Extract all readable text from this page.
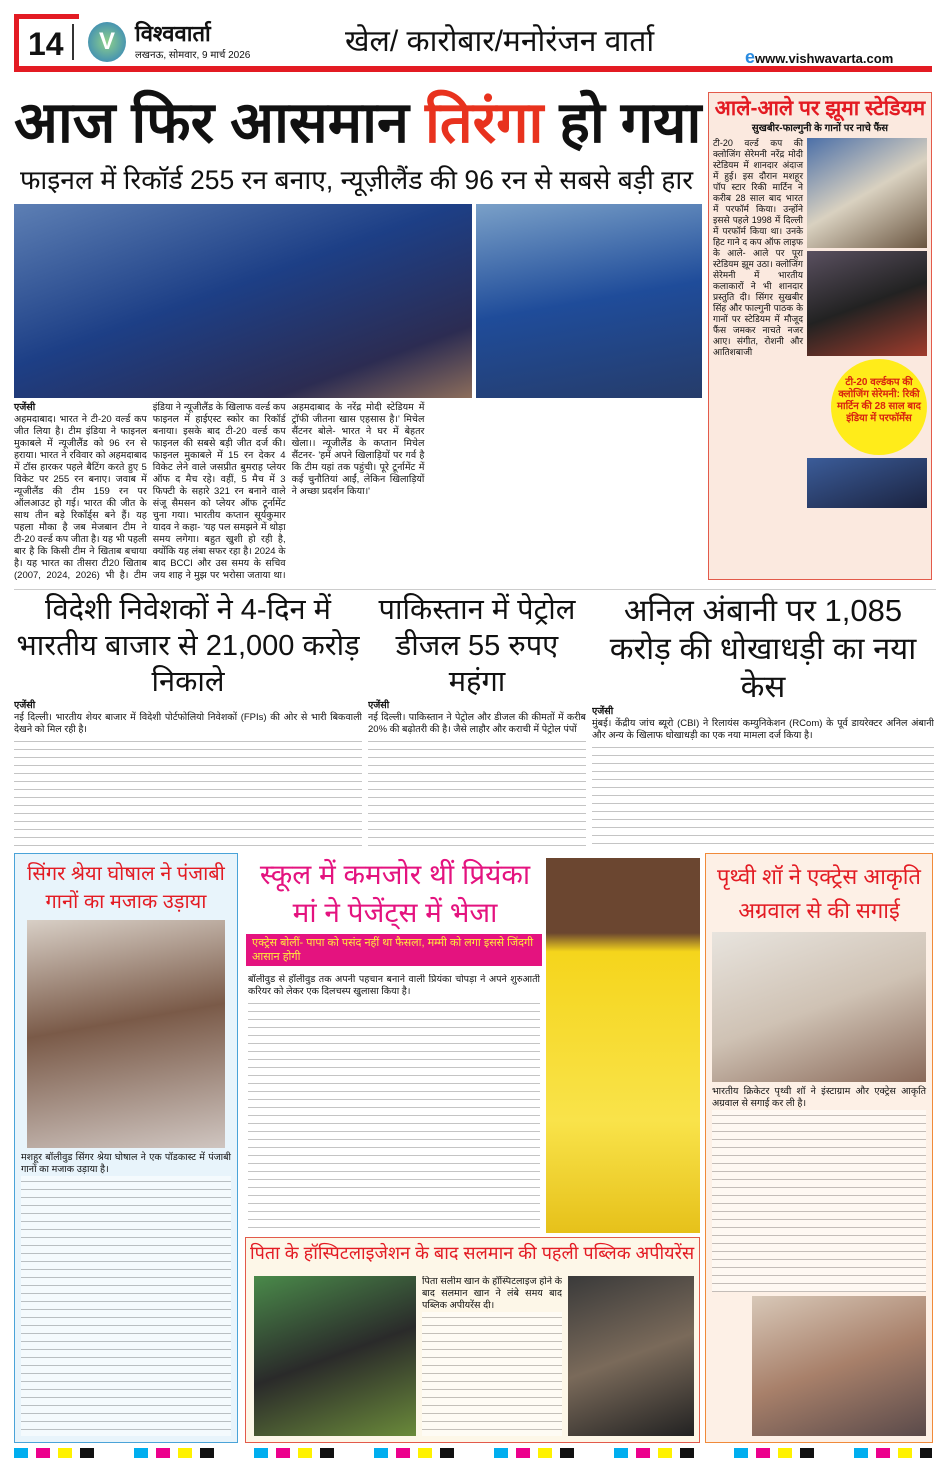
14	V विश्ववार्ता
लखनऊ, सोमवार, 9 मार्च 2026	खेल/ कारोबार/मनोरंजन वार्ता	ewww.vishwavarta.com
आज फिर आसमान तिरंगा हो गया
फाइनल में रिकॉर्ड 255 रन बनाए, न्यूज़ीलैंड की 96 रन से सबसे बड़ी हार
एजेंसी
अहमदाबाद। भारत ने टी-20 वर्ल्ड कप जीत लिया है। टीम इंडिया ने फाइनल मुकाबले में न्यूजीलैंड को 96 रन से हराया। भारत ने रविवार को अहमदाबाद में टॉस हारकर पहले बैटिंग करते हुए 5 विकेट पर 255 रन बनाए। जवाब में न्यूजीलैंड की टीम 159 रन पर ऑलआउट हो गई। भारत की जीत के साथ तीन बड़े रिकॉर्ड्स बने हैं। यह पहला मौका है जब मेजबान टीम ने टी-20 वर्ल्ड कप जीता है। यह भी पहली बार है कि किसी टीम ने खिताब बचाया है। यह भारत का तीसरा टी20 खिताब (2007, 2024, 2026) भी है। टीम इंडिया ने न्यूजीलैंड के खिलाफ वर्ल्ड कप फाइनल में हाईएस्ट स्कोर का रिकॉर्ड बनाया। इसके बाद टी-20 वर्ल्ड कप फाइनल की सबसे बड़ी जीत दर्ज की। फाइनल मुकाबले में 15 रन देकर 4 विकेट लेने वाले जसप्रीत बुमराह प्लेयर ऑफ द मैच रहे। वहीं, 5 मैच में 3 फिफ्टी के सहारे 321 रन बनाने वाले संजू सैमसन को प्लेयर ऑफ टूर्नामेंट चुना गया। भारतीय कप्तान सूर्यकुमार यादव ने कहा- 'यह पल समझने में थोड़ा समय लगेगा। बहुत खुशी हो रही है, क्योंकि यह लंबा सफर रहा है। 2024 के बाद BCCI और उस समय के सचिव जय शाह ने मुझ पर भरोसा जताया था। अहमदाबाद के नरेंद्र मोदी स्टेडियम में ट्रॉफी जीतना खास एहसास है।' मिचेल सैंटनर बोले- भारत ने घर में बेहतर खेला।। न्यूजीलैंड के कप्तान मिचेल सैंटनर- 'हमें अपने खिलाड़ियों पर गर्व है कि टीम यहां तक पहुंची। पूरे टूर्नामेंट में कई चुनौतियां आईं, लेकिन खिलाड़ियों ने अच्छा प्रदर्शन किया।'
आले-आले पर झूमा स्टेडियम
सुखबीर-फाल्गुनी के गानों पर नाचे फैंस
टी-20 वर्ल्डकप की क्लोजिंग सेरेमनी: रिकी मार्टिन की 28 साल बाद इंडिया में परफॉर्मेंस
टी-20 वर्ल्ड कप की क्लोजिंग सेरेमनी नरेंद्र मोदी स्टेडियम में शानदार अंदाज में हुई। इस दौरान मशहूर पॉप स्टार रिकी मार्टिन ने करीब 28 साल बाद भारत में परफॉर्म किया। उन्होंने इससे पहले 1998 में दिल्ली में परफॉर्म किया था। उनके हिट गाने द कप ऑफ लाइफ के आले- आले पर पूरा स्टेडियम झूम उठा। क्लोजिंग सेरेमनी में भारतीय कलाकारों ने भी शानदार प्रस्तुति दी। सिंगर सुखबीर सिंह और फाल्गुनी पाठक के गानों पर स्टेडियम में मौजूद फैंस जमकर नाचते नजर आए। संगीत, रोशनी और आतिशबाजी
विदेशी निवेशकों ने 4-दिन में भारतीय बाजार से 21,000 करोड़ निकाले
एजेंसी
नई दिल्ली। भारतीय शेयर बाजार में विदेशी पोर्टफोलियो निवेशकों (FPIs) की ओर से भारी बिकवाली देखने को मिल रही है।
पाकिस्तान में पेट्रोल डीजल 55 रुपए महंगा
एजेंसी
नई दिल्ली। पाकिस्तान ने पेट्रोल और डीजल की कीमतों में करीब 20% की बढ़ोतरी की है। जैसे लाहौर और कराची में पेट्रोल पंपों
अनिल अंबानी पर 1,085 करोड़ की धोखाधड़ी का नया केस
एजेंसी
मुंबई। केंद्रीय जांच ब्यूरो (CBI) ने रिलायंस कम्युनिकेशन (RCom) के पूर्व डायरेक्टर अनिल अंबानी और अन्य के खिलाफ धोखाधड़ी का एक नया मामला दर्ज किया है।
सिंगर श्रेया घोषाल ने पंजाबी गानों का मजाक उड़ाया
मशहूर बॉलीवुड सिंगर श्रेया घोषाल ने एक पॉडकास्ट में पंजाबी गानों का मजाक उड़ाया है।
स्कूल में कमजोर थीं प्रियंका
मां ने पेजेंट्स में भेजा
एक्ट्रेस बोलीं- पापा को पसंद नहीं था फैसला, मम्मी को लगा इससे जिंदगी आसान होगी
बॉलीवुड से हॉलीवुड तक अपनी पहचान बनाने वाली प्रियंका चोपड़ा ने अपने शुरुआती करियर को लेकर एक दिलचस्प खुलासा किया है।
पिता के हॉस्पिटलाइजेशन के बाद सलमान की पहली पब्लिक अपीयरेंस
पिता सलीम खान के हॉस्पिटलाइज होने के बाद सलमान खान ने लंबे समय बाद पब्लिक अपीयरेंस दी।
पृथ्वी शॉ ने एक्ट्रेस आकृति अग्रवाल से की सगाई
भारतीय क्रिकेटर पृथ्वी शॉ ने इंस्टाग्राम और एक्ट्रेस आकृति अग्रवाल से सगाई कर ली है।
